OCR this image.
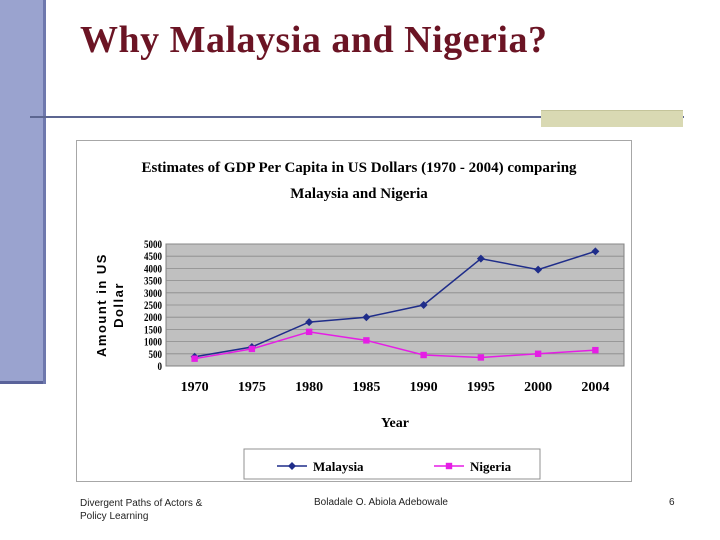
Why Malaysia and Nigeria?
Estimates of GDP Per Capita in US Dollars (1970 - 2004) comparing
Malaysia and Nigeria
5000
4500
4000
3500
3000
2500
2000
1500
1000
500
0
1970 1975 1980 1985 1990 1995 2000 2004
Amount in US Dollar
Year
Malaysia	Nigeria
Divergent Paths of Actors & Policy Learning
Boladale O. Abiola Adebowale	6
